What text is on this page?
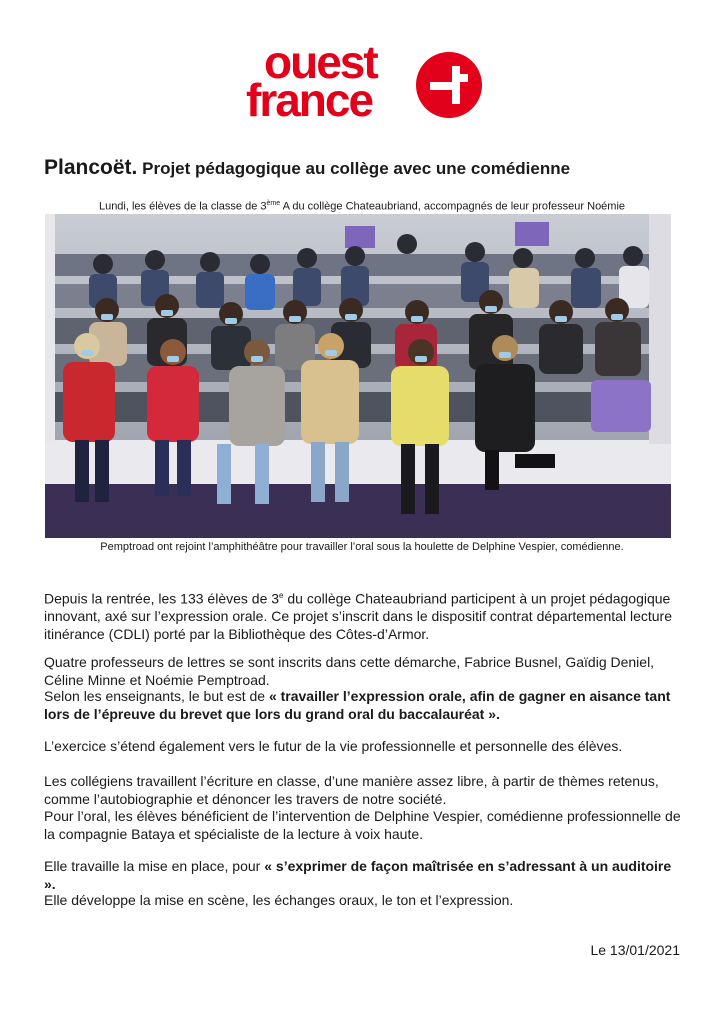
ouest
france
Plancoët. Projet pédagogique au collège avec une comédienne
Lundi, les élèves de la classe de 3ème A du collège Chateaubriand, accompagnés de leur professeur Noémie
Pemptroad ont rejoint l’amphithéâtre pour travailler l’oral sous la houlette de Delphine Vespier, comédienne.
Depuis la rentrée, les 133 élèves de 3e du collège Chateaubriand participent à un projet pédagogique innovant, axé sur l’expression orale. Ce projet s’inscrit dans le dispositif contrat départemental lecture itinérance (CDLI) porté par la Bibliothèque des Côtes-d’Armor.
Quatre professeurs de lettres se sont inscrits dans cette démarche, Fabrice Busnel, Gaïdig Deniel, Céline Minne et Noémie Pemptroad.
Selon les enseignants, le but est de « travailler l’expression orale, afin de gagner en aisance tant lors de l’épreuve du brevet que lors du grand oral du baccalauréat ».
L’exercice s’étend également vers le futur de la vie professionnelle et personnelle des élèves.
Les collégiens travaillent l’écriture en classe, d’une manière assez libre, à partir de thèmes retenus, comme l’autobiographie et dénoncer les travers de notre société.
Pour l’oral, les élèves bénéficient de l’intervention de Delphine Vespier, comédienne professionnelle de la compagnie Bataya et spécialiste de la lecture à voix haute.
Elle travaille la mise en place, pour « s’exprimer de façon maîtrisée en s’adressant à un auditoire ».
Elle développe la mise en scène, les échanges oraux, le ton et l’expression.
Le 13/01/2021
